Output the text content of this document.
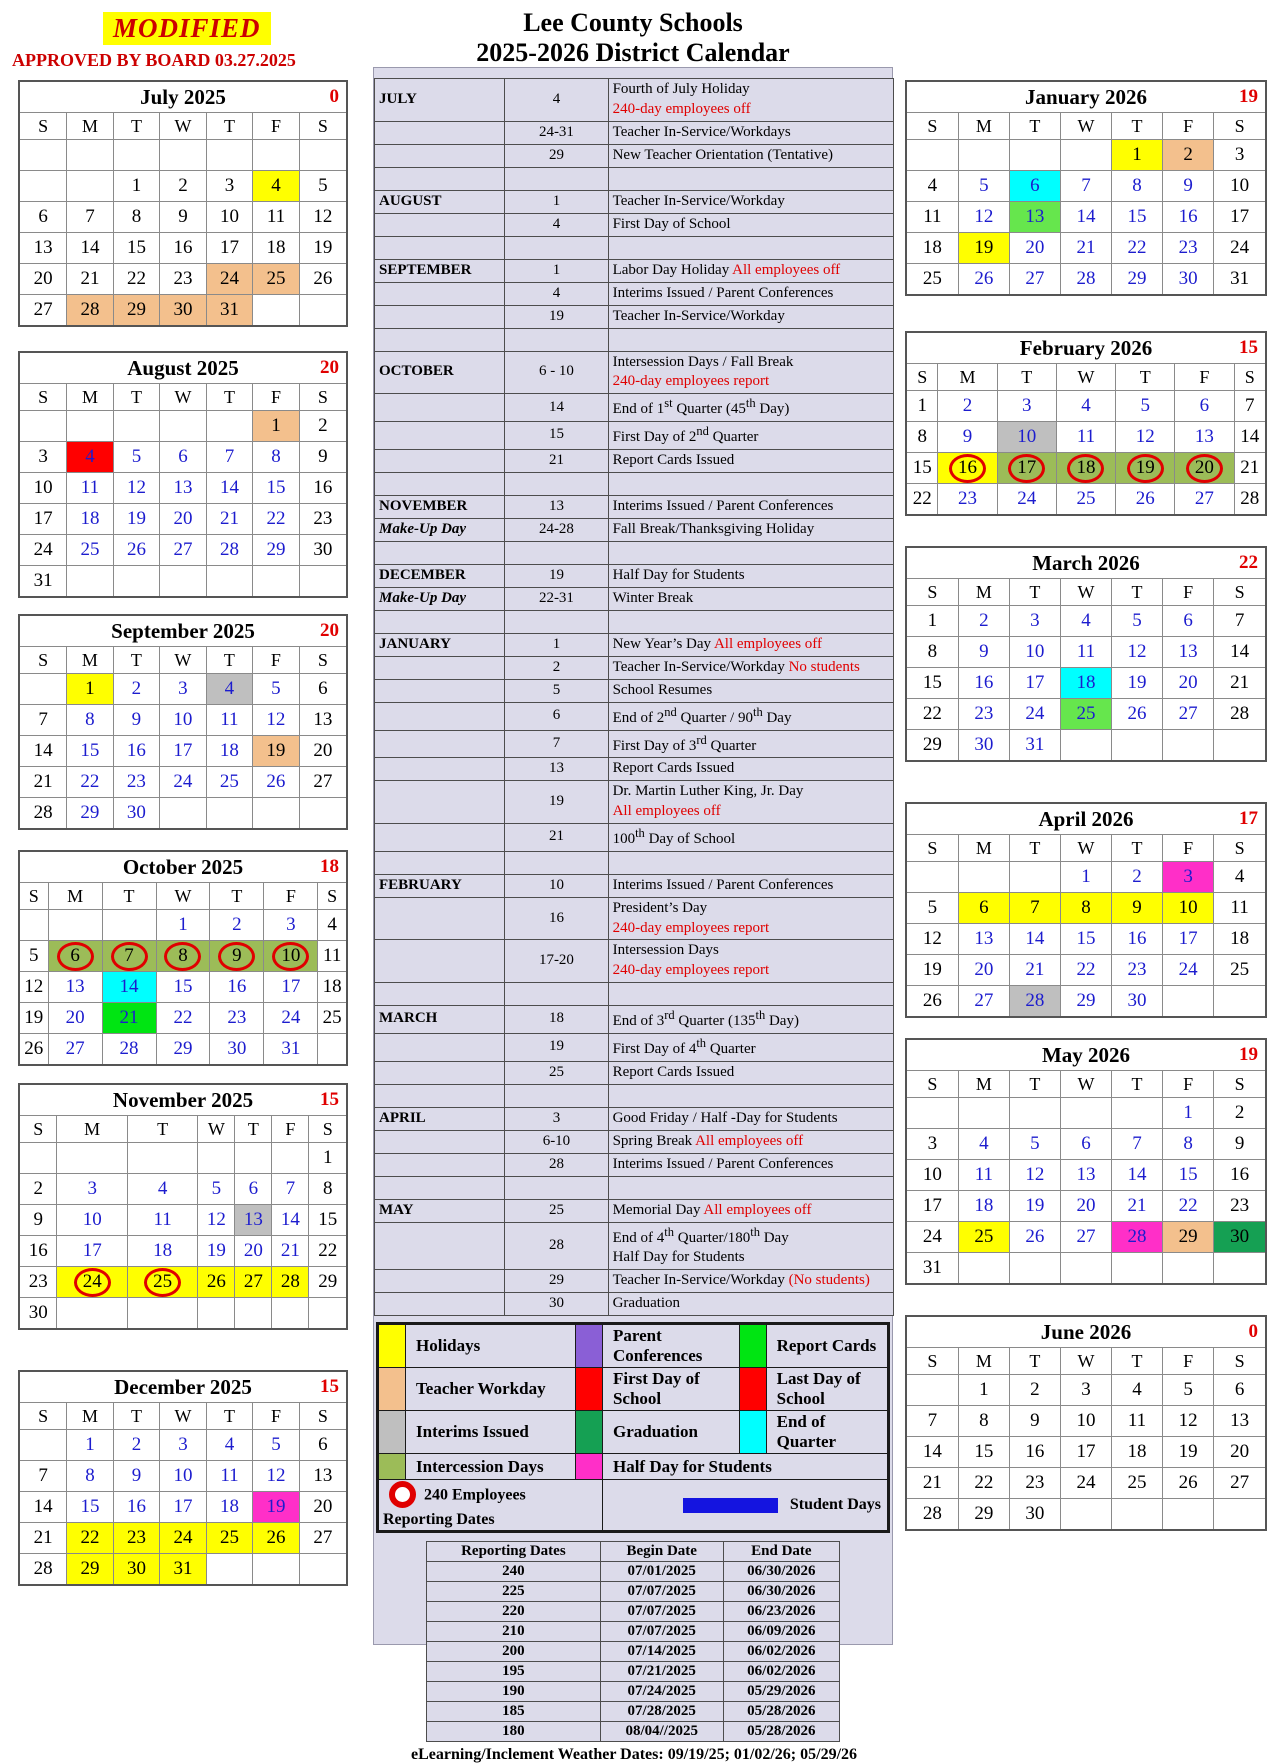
MODIFIED
APPROVED BY BOARD 03.27.2025
Lee County Schools
2025-2026 District Calendar
July 2025 0						

S	M	T	W	T	F	S

		1	2	3	4	5
6	7	8	9	10	11	12
13	14	15	16	17	18	19
20	21	22	23	24	25	26
27	28	29	30	31		
August 2025 20						

S	M	T	W	T	F	S
					1	2
3	4	5	6	7	8	9
10	11	12	13	14	15	16
17	18	19	20	21	22	23
24	25	26	27	28	29	30
31						
September 2025 20						

S	M	T	W	T	F	S
	1	2	3	4	5	6
7	8	9	10	11	12	13
14	15	16	17	18	19	20
21	22	23	24	25	26	27
28	29	30				
October 2025 18						

S	M	T	W	T	F	S
			1	2	3	4
5	6	7	8	9	10	11
12	13	14	15	16	17	18
19	20	21	22	23	24	25
26	27	28	29	30	31	
November 2025 15						

S	M	T	W	T	F	S
						1
2	3	4	5	6	7	8
9	10	11	12	13	14	15
16	17	18	19	20	21	22
23	24	25	26	27	28	29
30						
December 2025 15						

S	M	T	W	T	F	S
	1	2	3	4	5	6
7	8	9	10	11	12	13
14	15	16	17	18	19	20
21	22	23	24	25	26	27
28	29	30	31			
JULY	4	Fourth of July Holiday
240-day employees off
	24-31	Teacher In-Service/Workdays
	29	New Teacher Orientation (Tentative)

AUGUST	1	Teacher In-Service/Workday
	4	First Day of School

SEPTEMBER	1	Labor Day Holiday All employees off
	4	Interims Issued / Parent Conferences
	19	Teacher In-Service/Workday

OCTOBER	6 - 10	Intersession Days / Fall Break
240-day employees report
	14	End of 1st Quarter (45th Day)
	15	First Day of 2nd Quarter
	21	Report Cards Issued

NOVEMBER	13	Interims Issued / Parent Conferences
Make-Up Day	24-28	Fall Break/Thanksgiving Holiday

DECEMBER	19	Half Day for Students
Make-Up Day	22-31	Winter Break

JANUARY	1	New Year’s Day All employees off
	2	Teacher In-Service/Workday No students
	5	School Resumes
	6	End of 2nd Quarter / 90th Day
	7	First Day of 3rd Quarter
	13	Report Cards Issued
	19	Dr. Martin Luther King, Jr. Day
All employees off
	21	100th Day of School

FEBRUARY	10	Interims Issued / Parent Conferences
	16	President’s Day
240-day employees report
	17-20	Intersession Days
240-day employees report

MARCH	18	End of 3rd Quarter (135th Day)
	19	First Day of 4th Quarter
	25	Report Cards Issued

APRIL	3	Good Friday / Half -Day for Students
	6-10	Spring Break All employees off
	28	Interims Issued / Parent Conferences

MAY	25	Memorial Day All employees off
	28	End of 4th Quarter/180th Day
Half Day for Students
	29	Teacher In-Service/Workday (No students)
	30	Graduation
	Holidays		Parent Conferences		Report Cards
	Teacher Workday		First Day of School		Last Day of School
	Interims Issued		Graduation		End of Quarter
	Intercession Days		Half Day for Students		
240 Employees Reporting Dates			Student Days		
Reporting Dates	Begin Date	End Date
240	07/01/2025	06/30/2026
225	07/07/2025	06/30/2026
220	07/07/2025	06/23/2026
210	07/07/2025	06/09/2026
200	07/14/2025	06/02/2026
195	07/21/2025	06/02/2026
190	07/24/2025	05/29/2026
185	07/28/2025	05/28/2026
180	08/04//2025	05/28/2026
eLearning/Inclement Weather Dates: 09/19/25; 01/02/26; 05/29/26
January 2026 19						

S	M	T	W	T	F	S
				1	2	3
4	5	6	7	8	9	10
11	12	13	14	15	16	17
18	19	20	21	22	23	24
25	26	27	28	29	30	31
February 2026 15						

S	M	T	W	T	F	S
1	2	3	4	5	6	7
8	9	10	11	12	13	14
15	16	17	18	19	20	21
22	23	24	25	26	27	28
March 2026 22						

S	M	T	W	T	F	S
1	2	3	4	5	6	7
8	9	10	11	12	13	14
15	16	17	18	19	20	21
22	23	24	25	26	27	28
29	30	31				
April 2026 17						

S	M	T	W	T	F	S
			1	2	3	4
5	6	7	8	9	10	11
12	13	14	15	16	17	18
19	20	21	22	23	24	25
26	27	28	29	30		
May 2026 19						

S	M	T	W	T	F	S
					1	2
3	4	5	6	7	8	9
10	11	12	13	14	15	16
17	18	19	20	21	22	23
24	25	26	27	28	29	30
31						
June 2026 0						

S	M	T	W	T	F	S
	1	2	3	4	5	6
7	8	9	10	11	12	13
14	15	16	17	18	19	20
21	22	23	24	25	26	27
28	29	30				
